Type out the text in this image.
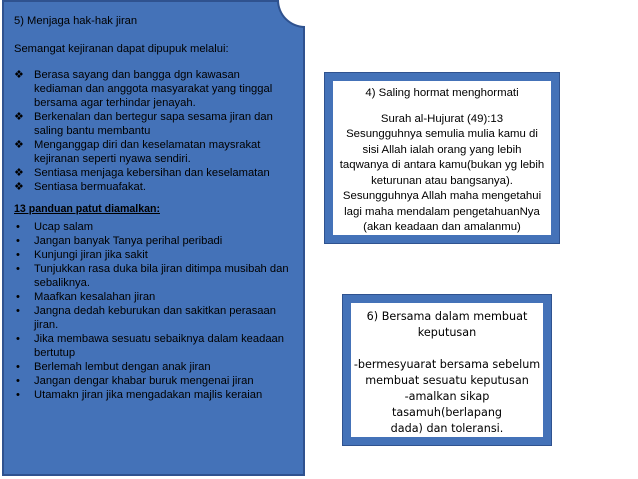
5) Menjaga hak-hak jiran
Semangat kejiranan dapat dipupuk melalui:
❖ Berasa sayang dan bangga dgn kawasan kediaman dan anggota masyarakat yang tinggal bersama agar terhindar jenayah.
❖ Berkenalan dan bertegur sapa sesama jiran dan saling bantu membantu
❖ Menganggap diri dan keselamatan maysrakat kejiranan seperti nyawa sendiri.
❖ Sentiasa menjaga kebersihan dan keselamatan
❖ Sentiasa bermuafakat.
13 panduan patut diamalkan:
• Ucap salam
• Jangan banyak Tanya perihal peribadi
• Kunjungi jiran jika sakit
• Tunjukkan rasa duka bila jiran ditimpa musibah dan sebaliknya.
• Maafkan kesalahan jiran
• Jangna dedah keburukan dan sakitkan perasaan jiran.
• Jika membawa sesuatu sebaiknya dalam keadaan bertutup
• Berlemah lembut dengan anak jiran
• Jangan dengar khabar buruk mengenai jiran
• Utamakn jiran jika mengadakan majlis keraian
4) Saling hormat menghormati
Surah al-Hujurat (49):13
Sesungguhnya semulia mulia kamu di
sisi Allah ialah orang yang lebih
taqwanya di antara kamu(bukan yg lebih
keturunan atau bangsanya).
Sesungguhnya Allah maha mengetahui
lagi maha mendalam pengetahuanNya
(akan keadaan dan amalanmu)
6) Bersama dalam membuat
keputusan
-bermesyuarat bersama sebelum
membuat sesuatu keputusan
-amalkan sikap tasamuh(berlapang
dada) dan toleransi.
